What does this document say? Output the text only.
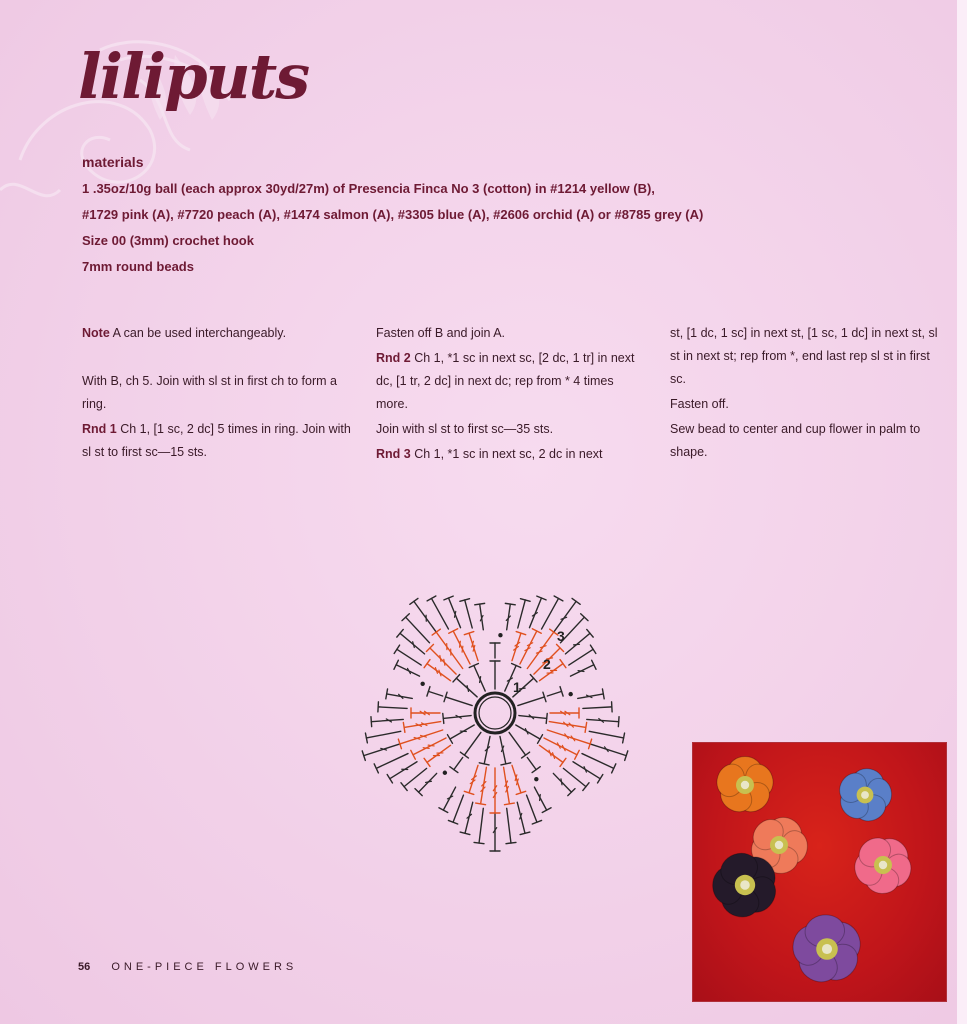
liliputs
materials

1 .35oz/10g ball (each approx 30yd/27m) of Presencia Finca No 3 (cotton) in #1214 yellow (B),

#1729 pink (A), #7720 peach (A), #1474 salmon (A), #3305 blue (A), #2606 orchid (A) or #8785 grey (A)

Size 00 (3mm) crochet hook

7mm round beads

Note A can be used interchangeably.

With B, ch 5. Join with sl st in first ch to form a ring.

Rnd 1 Ch 1, [1 sc, 2 dc] 5 times in ring. Join with sl st to first sc—15 sts.

Fasten off B and join A.

Rnd 2 Ch 1, *1 sc in next sc, [2 dc, 1 tr] in next dc, [1 tr, 2 dc] in next dc; rep from * 4 times more.

Join with sl st to first sc—35 sts.

Rnd 3 Ch 1, *1 sc in next sc, 2 dc in next

st, [1 dc, 1 sc] in next st, [1 sc, 1 dc] in next st, sl st in next st; rep from *, end last rep sl st in first sc.

Fasten off.

Sew bead to center and cup flower in palm to shape.

1
2
3
56 ONE-PIECE FLOWERS
